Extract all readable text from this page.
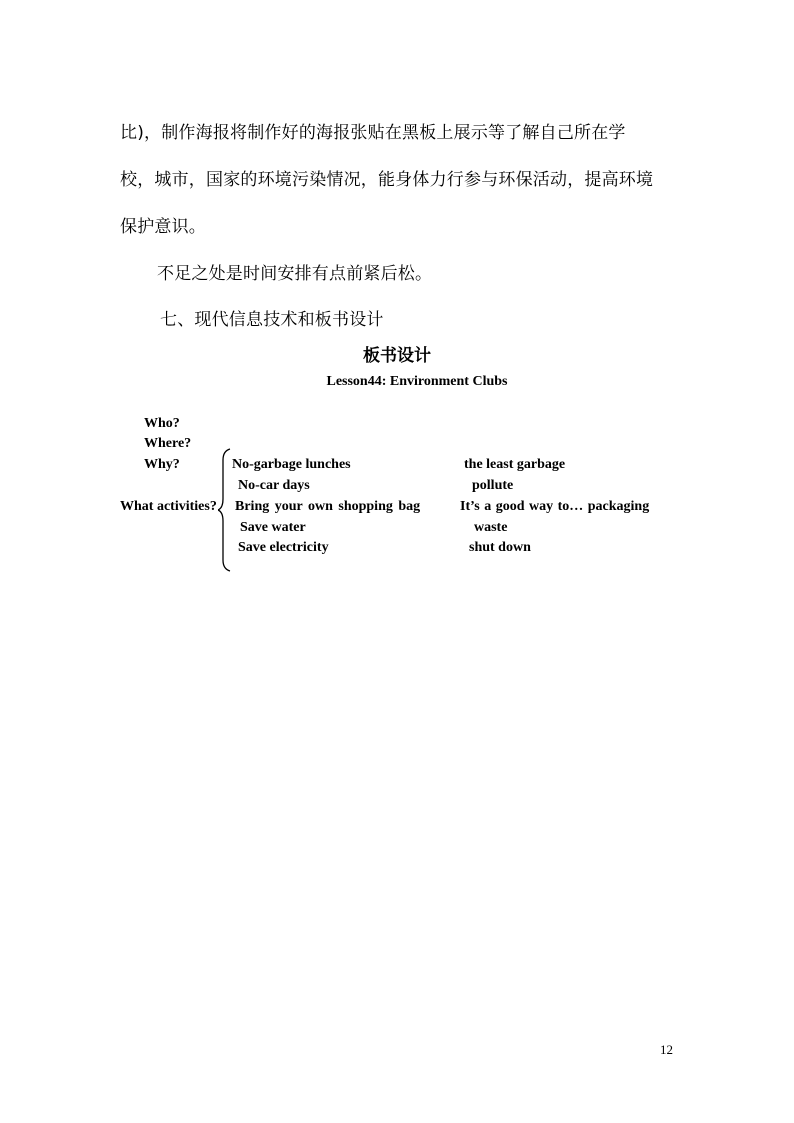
比)，制作海报将制作好的海报张贴在黑板上展示等了解自己所在学
校，城市，国家的环境污染情况，能身体力行参与环保活动，提高环境
保护意识。
不足之处是时间安排有点前紧后松。
七、现代信息技术和板书设计
板书设计
Lesson44: Environment Clubs
Who?
Where?
Why?
What activities?
No-garbage lunches
No-car days
Bring your own shopping bag
Save water
Save electricity
the least garbage
pollute
It’s a good way to… packaging
waste
shut down
12
